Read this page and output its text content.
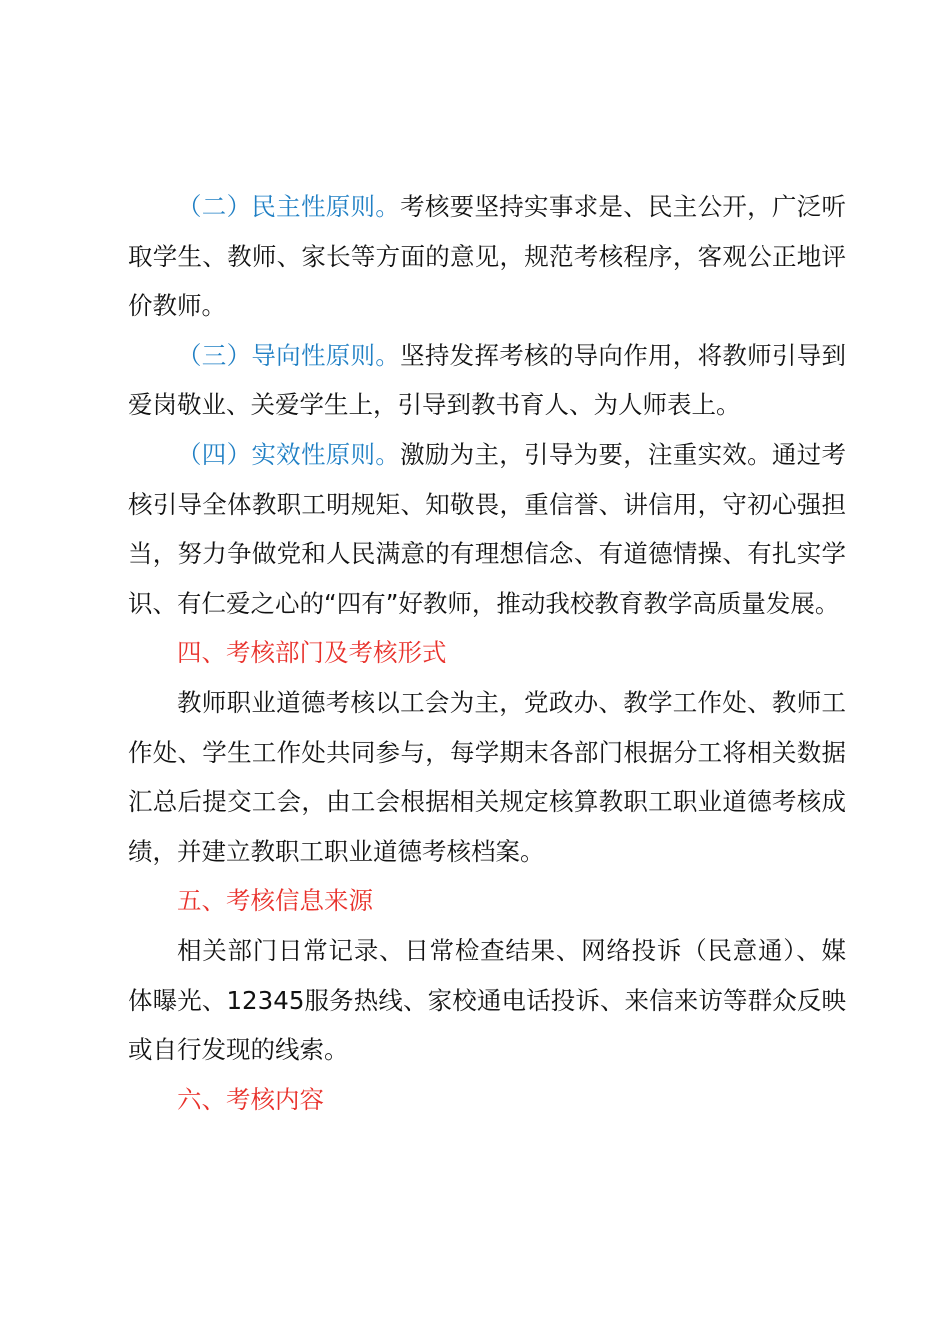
（二）民主性原则。考核要坚持实事求是、民主公开，广泛听取学生、教师、家长等方面的意见，规范考核程序，客观公正地评价教师。

（三）导向性原则。坚持发挥考核的导向作用，将教师引导到爱岗敬业、关爱学生上，引导到教书育人、为人师表上。

（四）实效性原则。激励为主，引导为要，注重实效。通过考核引导全体教职工明规矩、知敬畏，重信誉、讲信用，守初心强担当，努力争做党和人民满意的有理想信念、有道德情操、有扎实学识、有仁爱之心的“四有”好教师，推动我校教育教学高质量发展。

四、考核部门及考核形式

教师职业道德考核以工会为主，党政办、教学工作处、教师工作处、学生工作处共同参与，每学期末各部门根据分工将相关数据汇总后提交工会，由工会根据相关规定核算教职工职业道德考核成绩，并建立教职工职业道德考核档案。

五、考核信息来源

相关部门日常记录、日常检查结果、网络投诉（民意通）、媒体曝光、12345服务热线、家校通电话投诉、来信来访等群众反映或自行发现的线索。

六、考核内容
